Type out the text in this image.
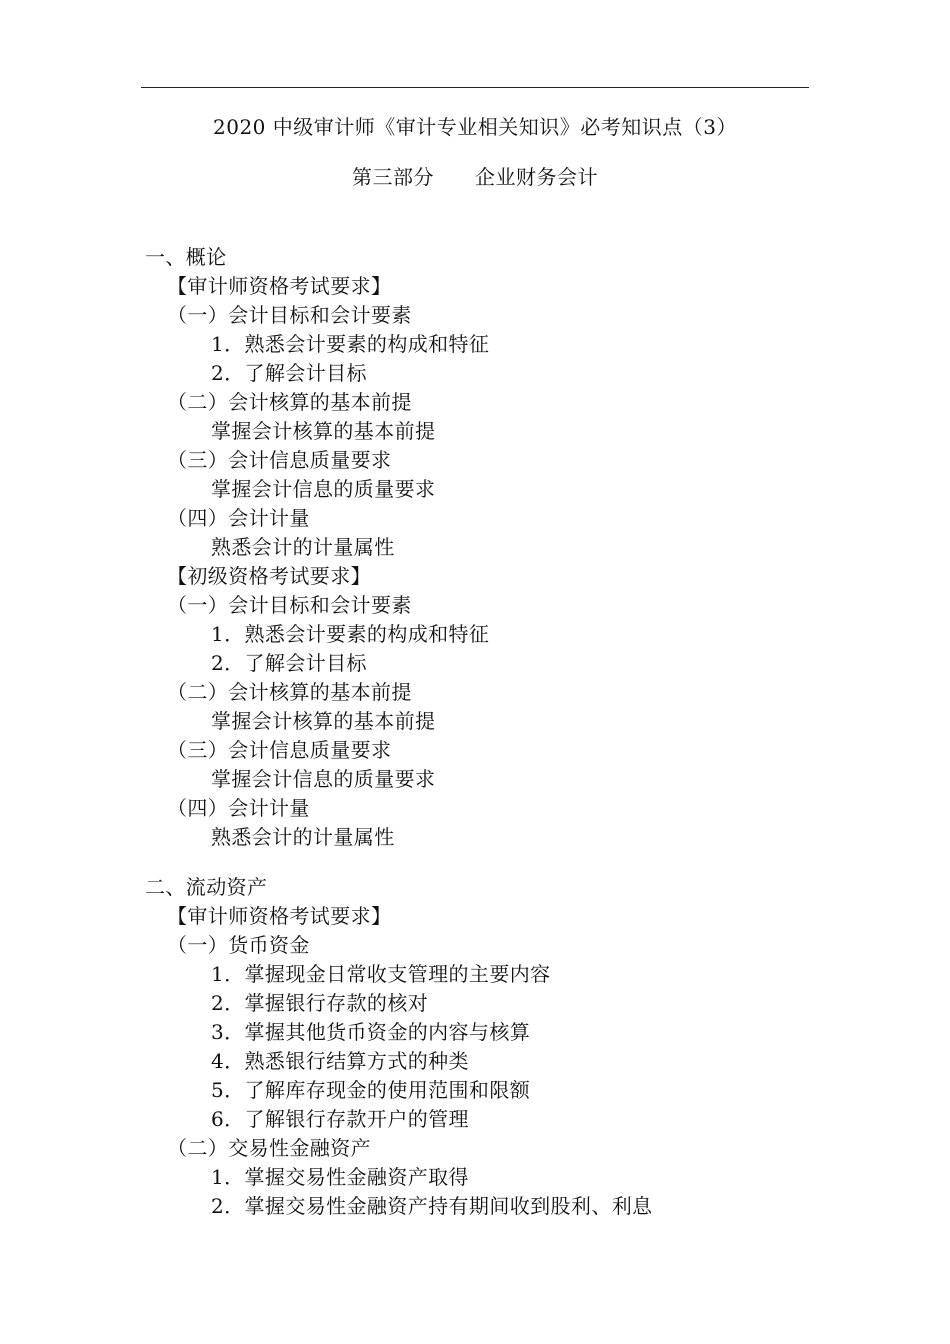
2020 中级审计师《审计专业相关知识》必考知识点（3）
第三部分　　企业财务会计
一、概论
【审计师资格考试要求】
（一）会计目标和会计要素
1．熟悉会计要素的构成和特征
2．了解会计目标
（二）会计核算的基本前提
掌握会计核算的基本前提
（三）会计信息质量要求
掌握会计信息的质量要求
（四）会计计量
熟悉会计的计量属性
【初级资格考试要求】
（一）会计目标和会计要素
1．熟悉会计要素的构成和特征
2．了解会计目标
（二）会计核算的基本前提
掌握会计核算的基本前提
（三）会计信息质量要求
掌握会计信息的质量要求
（四）会计计量
熟悉会计的计量属性
二、流动资产
【审计师资格考试要求】
（一）货币资金
1．掌握现金日常收支管理的主要内容
2．掌握银行存款的核对
3．掌握其他货币资金的内容与核算
4．熟悉银行结算方式的种类
5．了解库存现金的使用范围和限额
6．了解银行存款开户的管理
（二）交易性金融资产
1．掌握交易性金融资产取得
2．掌握交易性金融资产持有期间收到股利、利息
